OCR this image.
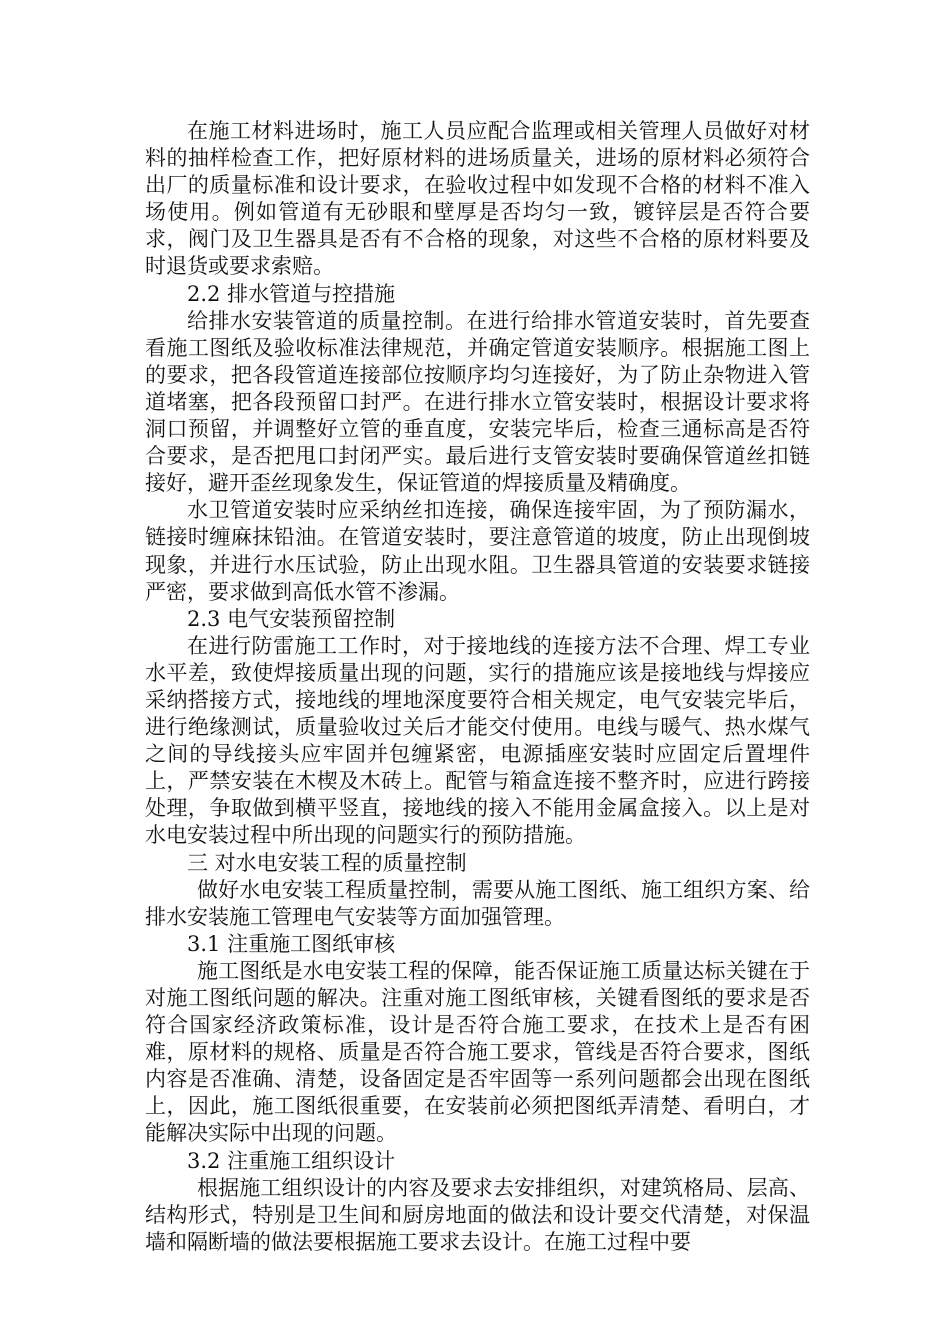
在施工材料进场时，施工人员应配合监理或相关管理人员做好对材料的抽样检查工作，把好原材料的进场质量关，进场的原材料必须符合出厂的质量标准和设计要求，在验收过程中如发现不合格的材料不准入场使用。例如管道有无砂眼和壁厚是否均匀一致，镀锌层是否符合要求，阀门及卫生器具是否有不合格的现象，对这些不合格的原材料要及时退货或要求索赔。

2.2 排水管道与控措施

给排水安装管道的质量控制。在进行给排水管道安装时，首先要查看施工图纸及验收标准法律规范，并确定管道安装顺序。根据施工图上的要求，把各段管道连接部位按顺序均匀连接好，为了防止杂物进入管道堵塞，把各段预留口封严。在进行排水立管安装时，根据设计要求将洞口预留，并调整好立管的垂直度，安装完毕后，检查三通标高是否符合要求，是否把甩口封闭严实。最后进行支管安装时要确保管道丝扣链接好，避开歪丝现象发生，保证管道的焊接质量及精确度。

水卫管道安装时应采纳丝扣连接，确保连接牢固，为了预防漏水，链接时缠麻抹铅油。在管道安装时，要注意管道的坡度，防止出现倒坡现象，并进行水压试验，防止出现水阻。卫生器具管道的安装要求链接严密，要求做到高低水管不渗漏。

2.3 电气安装预留控制

在进行防雷施工工作时，对于接地线的连接方法不合理、焊工专业水平差，致使焊接质量出现的问题，实行的措施应该是接地线与焊接应采纳搭接方式，接地线的埋地深度要符合相关规定，电气安装完毕后，进行绝缘测试，质量验收过关后才能交付使用。电线与暖气、热水煤气之间的导线接头应牢固并包缠紧密，电源插座安装时应固定后置埋件上，严禁安装在木楔及木砖上。配管与箱盒连接不整齐时，应进行跨接处理，争取做到横平竖直，接地线的接入不能用金属盒接入。以上是对水电安装过程中所出现的问题实行的预防措施。

三 对水电安装工程的质量控制

做好水电安装工程质量控制，需要从施工图纸、施工组织方案、给排水安装施工管理电气安装等方面加强管理。

3.1 注重施工图纸审核

施工图纸是水电安装工程的保障，能否保证施工质量达标关键在于对施工图纸问题的解决。注重对施工图纸审核，关键看图纸的要求是否符合国家经济政策标准，设计是否符合施工要求，在技术上是否有困难，原材料的规格、质量是否符合施工要求，管线是否符合要求，图纸内容是否准确、清楚，设备固定是否牢固等一系列问题都会出现在图纸上，因此，施工图纸很重要，在安装前必须把图纸弄清楚、看明白，才能解决实际中出现的问题。

3.2 注重施工组织设计

根据施工组织设计的内容及要求去安排组织，对建筑格局、层高、结构形式，特别是卫生间和厨房地面的做法和设计要交代清楚，对保温墙和隔断墙的做法要根据施工要求去设计。在施工过程中要
